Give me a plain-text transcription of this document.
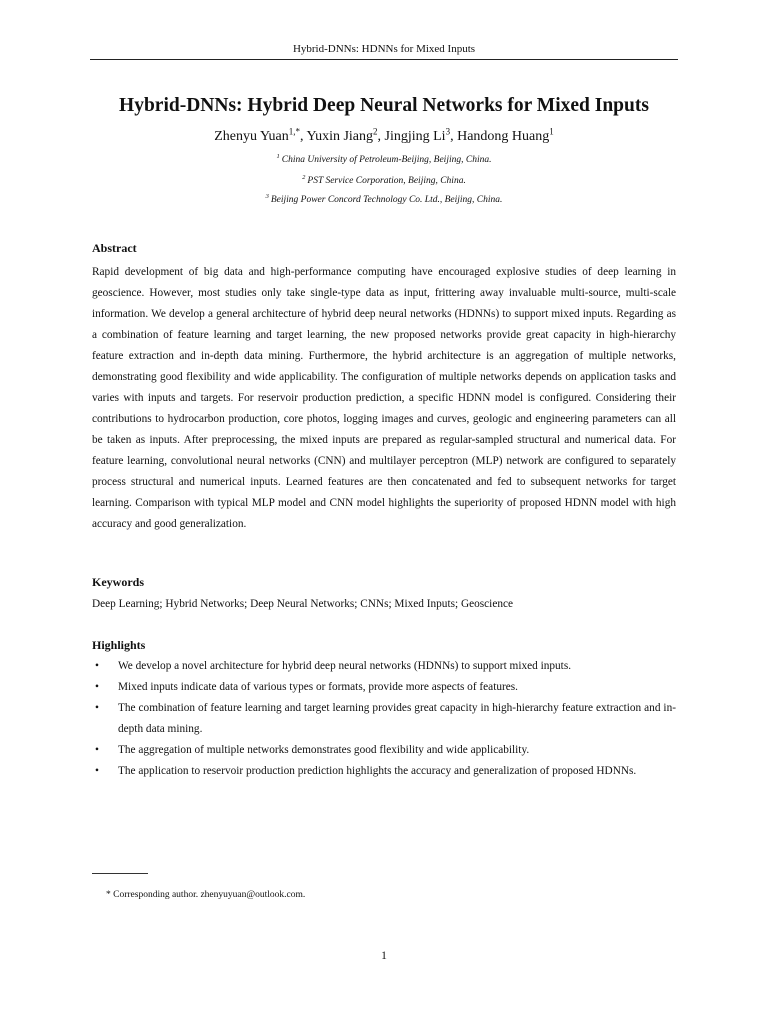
Hybrid-DNNs: HDNNs for Mixed Inputs
Hybrid-DNNs: Hybrid Deep Neural Networks for Mixed Inputs
Zhenyu Yuan$^{1,*}$, Yuxin Jiang$^2$, Jingjing Li$^3$, Handong Huang$^1$
$^1$ China University of Petroleum-Beijing, Beijing, China.
$^2$ PST Service Corporation, Beijing, China.
$^3$ Beijing Power Concord Technology Co. Ltd., Beijing, China.
Abstract

Rapid development of big data and high-performance computing have encouraged explosive studies of deep learning in geoscience. However, most studies only take single-type data as input, frittering away invaluable multi-source, multi-scale information. We develop a general architecture of hybrid deep neural networks (HDNNs) to support mixed inputs. Regarding as a combination of feature learning and target learning, the new proposed networks provide great capacity in high-hierarchy feature extraction and in-depth data mining. Furthermore, the hybrid architecture is an aggregation of multiple networks, demonstrating good flexibility and wide applicability. The configuration of multiple networks depends on application tasks and varies with inputs and targets. For reservoir production prediction, a specific HDNN model is configured. Considering their contributions to hydrocarbon production, core photos, logging images and curves, geologic and engineering parameters can all be taken as inputs. After preprocessing, the mixed inputs are prepared as regular-sampled structural and numerical data. For feature learning, convolutional neural networks (CNN) and multilayer perceptron (MLP) network are configured to separately process structural and numerical inputs. Learned features are then concatenated and fed to subsequent networks for target learning. Comparison with typical MLP model and CNN model highlights the superiority of proposed HDNN model with high accuracy and good generalization.

Keywords
Deep Learning; Hybrid Networks; Deep Neural Networks; CNNs; Mixed Inputs; Geoscience
Highlights
• We develop a novel architecture for hybrid deep neural networks (HDNNs) to support mixed inputs.
• Mixed inputs indicate data of various types or formats, provide more aspects of features.
• The combination of feature learning and target learning provides great capacity in high-hierarchy feature extraction and in-depth data mining.
• The aggregation of multiple networks demonstrates good flexibility and wide applicability.
• The application to reservoir production prediction highlights the accuracy and generalization of proposed HDNNs.
* Corresponding author. zhenyuyuan@outlook.com.
1
